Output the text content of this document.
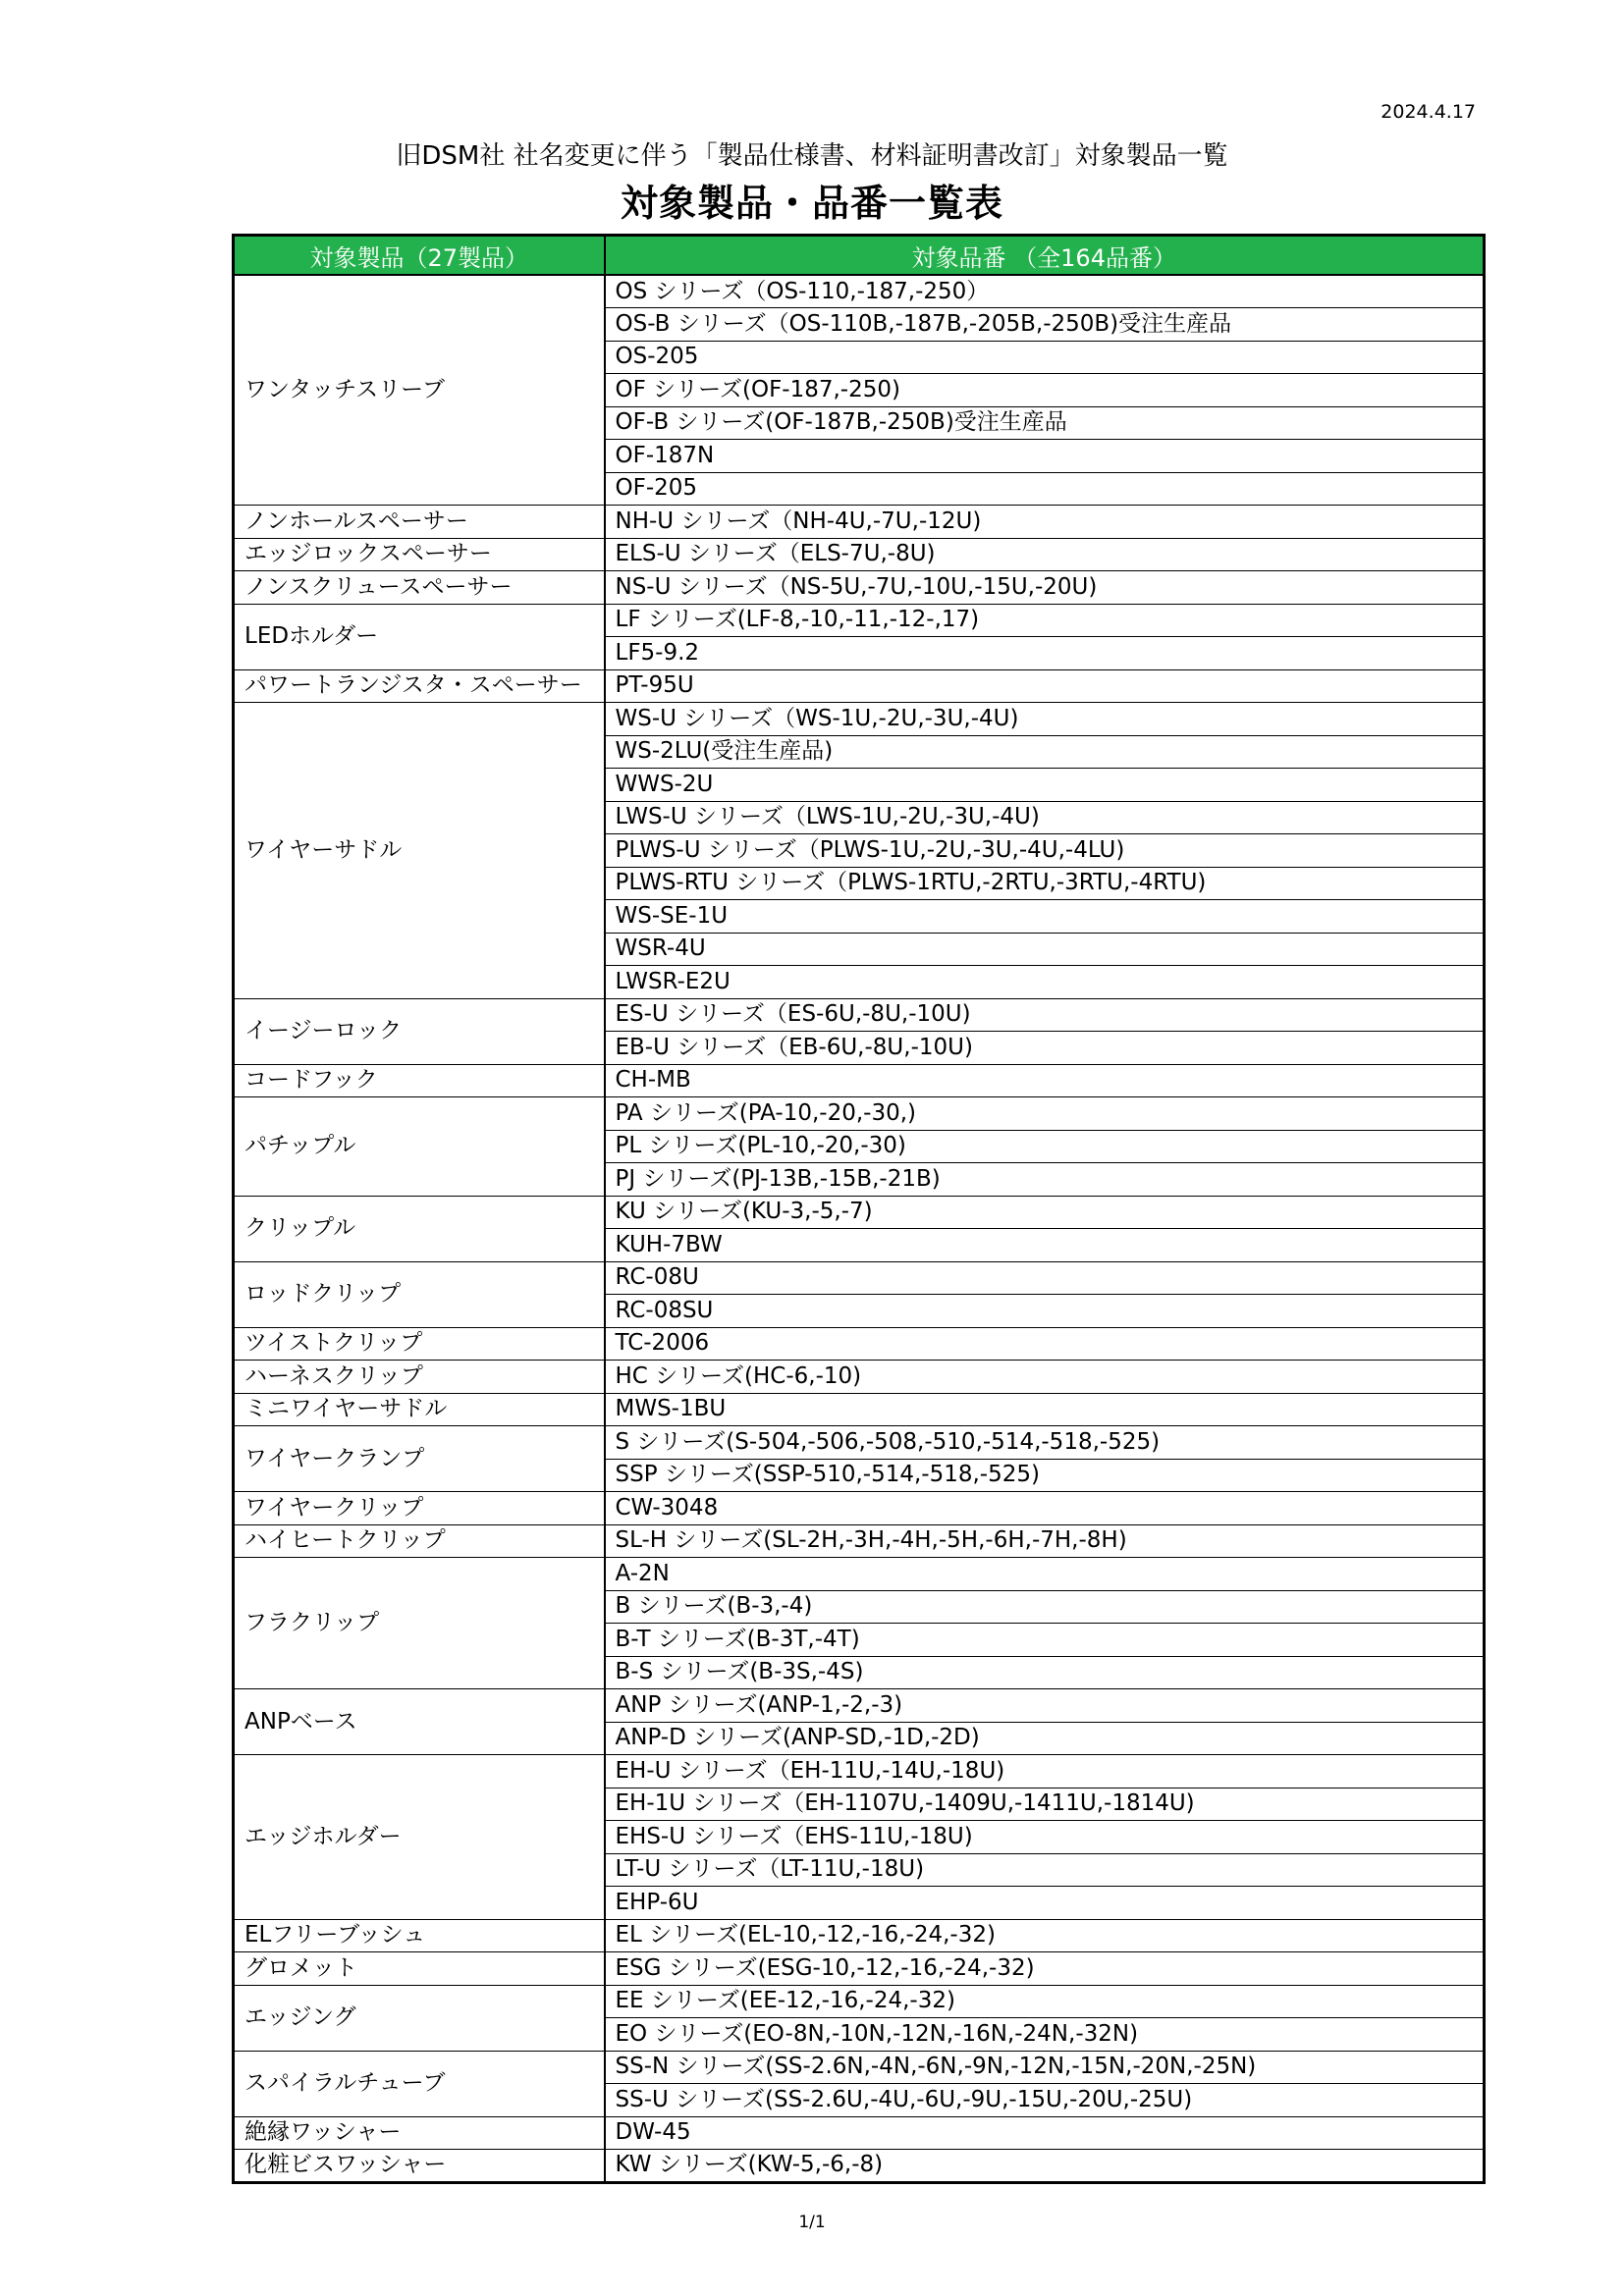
2024.4.17
旧DSM社 社名変更に伴う「製品仕様書、材料証明書改訂」対象製品一覧
対象製品・品番一覧表
対象製品（27製品）	対象品番 （全164品番）
ワンタッチスリーブ	OS シリーズ（OS-110,-187,-250）
	OS-B シリーズ（OS-110B,-187B,-205B,-250B)受注生産品
	OS-205
	OF シリーズ(OF-187,-250)
	OF-B シリーズ(OF-187B,-250B)受注生産品
	OF-187N
	OF-205
ノンホールスペーサー	NH-U シリーズ（NH-4U,-7U,-12U)
エッジロックスペーサー	ELS-U シリーズ（ELS-7U,-8U)
ノンスクリュースペーサー	NS-U シリーズ（NS-5U,-7U,-10U,-15U,-20U)
LEDホルダー	LF シリーズ(LF-8,-10,-11,-12-,17)
	LF5-9.2
パワートランジスタ・スペーサー	PT-95U
ワイヤーサドル	WS-U シリーズ（WS-1U,-2U,-3U,-4U)
	WS-2LU(受注生産品)
	WWS-2U
	LWS-U シリーズ（LWS-1U,-2U,-3U,-4U)
	PLWS-U シリーズ（PLWS-1U,-2U,-3U,-4U,-4LU)
	PLWS-RTU シリーズ（PLWS-1RTU,-2RTU,-3RTU,-4RTU)
	WS-SE-1U
	WSR-4U
	LWSR-E2U
イージーロック	ES-U シリーズ（ES-6U,-8U,-10U)
	EB-U シリーズ（EB-6U,-8U,-10U)
コードフック	CH-MB
パチップル	PA シリーズ(PA-10,-20,-30,)
	PL シリーズ(PL-10,-20,-30)
	PJ シリーズ(PJ-13B,-15B,-21B)
クリップル	KU シリーズ(KU-3,-5,-7)
	KUH-7BW
ロッドクリップ	RC-08U
	RC-08SU
ツイストクリップ	TC-2006
ハーネスクリップ	HC シリーズ(HC-6,-10)
ミニワイヤーサドル	MWS-1BU
ワイヤークランプ	S シリーズ(S-504,-506,-508,-510,-514,-518,-525)
	SSP シリーズ(SSP-510,-514,-518,-525)
ワイヤークリップ	CW-3048
ハイヒートクリップ	SL-H シリーズ(SL-2H,-3H,-4H,-5H,-6H,-7H,-8H)
フラクリップ	A-2N
	B シリーズ(B-3,-4)
	B-T シリーズ(B-3T,-4T)
	B-S シリーズ(B-3S,-4S)
ANPベース	ANP シリーズ(ANP-1,-2,-3)
	ANP-D シリーズ(ANP-SD,-1D,-2D)
エッジホルダー	EH-U シリーズ（EH-11U,-14U,-18U)
	EH-1U シリーズ（EH-1107U,-1409U,-1411U,-1814U)
	EHS-U シリーズ（EHS-11U,-18U)
	LT-U シリーズ（LT-11U,-18U)
	EHP-6U
ELフリーブッシュ	EL シリーズ(EL-10,-12,-16,-24,-32)
グロメット	ESG シリーズ(ESG-10,-12,-16,-24,-32)
エッジング	EE シリーズ(EE-12,-16,-24,-32)
	EO シリーズ(EO-8N,-10N,-12N,-16N,-24N,-32N)
スパイラルチューブ	SS-N シリーズ(SS-2.6N,-4N,-6N,-9N,-12N,-15N,-20N,-25N)
	SS-U シリーズ(SS-2.6U,-4U,-6U,-9U,-15U,-20U,-25U)
絶縁ワッシャー	DW-45
化粧ビスワッシャー	KW シリーズ(KW-5,-6,-8)
1/1
